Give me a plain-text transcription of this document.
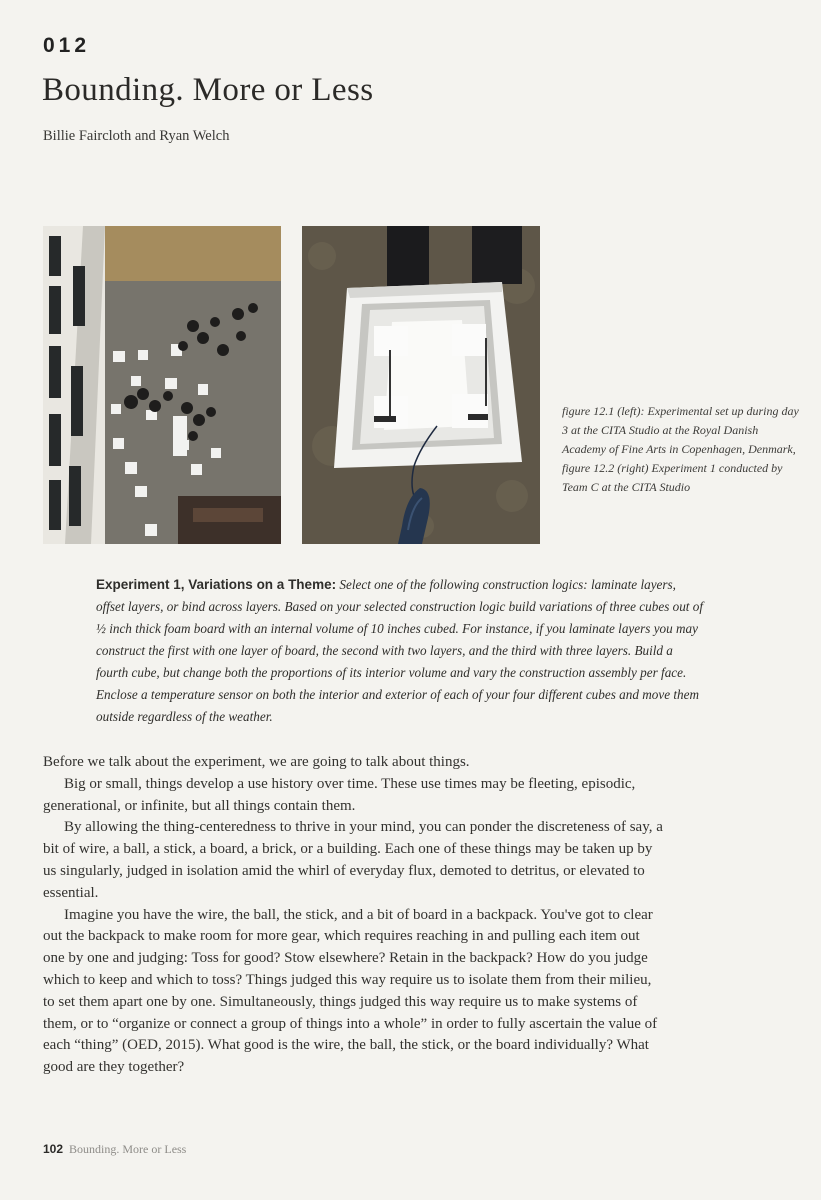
012
Bounding. More or Less
Billie Faircloth and Ryan Welch
figure 12.1 (left): Experimental set up during day 3 at the CITA Studio at the Royal Danish Academy of Fine Arts in Copenhagen, Denmark, figure 12.2 (right) Experiment 1 conducted by Team C at the CITA Studio
Experiment 1, Variations on a Theme: Select one of the following construction logics: laminate layers, offset layers, or bind across layers. Based on your selected construction logic build variations of three cubes out of ½ inch thick foam board with an internal volume of 10 inches cubed. For instance, if you laminate layers you may construct the first with one layer of board, the second with two layers, and the third with three layers. Build a fourth cube, but change both the proportions of its interior volume and vary the construction assembly per face. Enclose a temperature sensor on both the interior and exterior of each of your four different cubes and move them outside regardless of the weather.

Before we talk about the experiment, we are going to talk about things.

Big or small, things develop a use history over time. These use times may be fleeting, episodic, generational, or infinite, but all things contain them.

By allowing the thing-centeredness to thrive in your mind, you can ponder the discreteness of say, a bit of wire, a ball, a stick, a board, a brick, or a building. Each one of these things may be taken up by us singularly, judged in isolation amid the whirl of everyday flux, demoted to detritus, or elevated to essential.

Imagine you have the wire, the ball, the stick, and a bit of board in a backpack. You've got to clear out the backpack to make room for more gear, which requires reaching in and pulling each item out one by one and judging: Toss for good? Stow elsewhere? Retain in the backpack? How do you judge which to keep and which to toss? Things judged this way require us to isolate them from their milieu, to set them apart one by one. Simultaneously, things judged this way require us to make systems of them, or to “organize or connect a group of things into a whole” in order to fully ascertain the value of each “thing” (OED, 2015). What good is the wire, the ball, the stick, or the board individually? What good are they together?

102 Bounding. More or Less
